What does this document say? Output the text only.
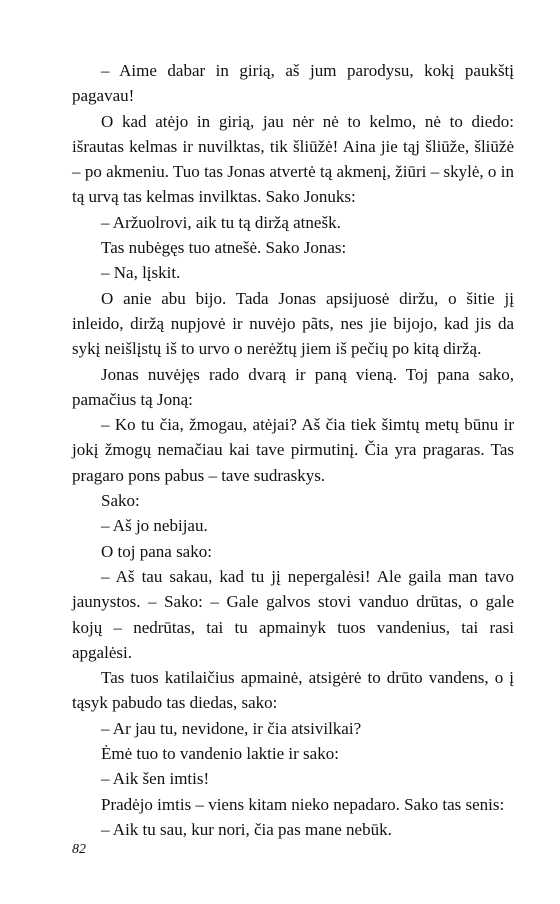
– Aime dabar in girią, aš jum parodysu, kokį paukštį pagavau!

O kad atėjo in girią, jau nėr nė to kelmo, nė to diedo: išrautas kelmas ir nuvilktas, tik šliūžė! Aina jie tąj šliūže, šliūžė – po akmeniu. Tuo tas Jonas atvertė tą akmenį, žiūri – skylė, o in tą urvą tas kelmas invilktas. Sako Jonuks:

– Aržuolrovi, aik tu tą diržą atnešk.

Tas nubėgęs tuo atnešė. Sako Jonas:

– Na, lįskit.

O anie abu bijo. Tada Jonas apsijuosė diržu, o šitie jį inleido, diržą nupjovė ir nuvėjo pãts, nes jie bijojo, kad jis da sykį neišlįstų iš to urvo o nerėžtų jiem iš pečių po kitą diržą.

Jonas nuvėjęs rado dvarą ir paną vieną. Toj pana sako, pamačius tą Joną:

– Ko tu čia, žmogau, atėjai? Aš čia tiek šimtų metų būnu ir jokį žmogų nemačiau kai tave pirmutinį. Čia yra pragaras. Tas pragaro pons pabus – tave sudraskys.

Sako:

– Aš jo nebijau.

O toj pana sako:

– Aš tau sakau, kad tu jį nepergalėsi! Ale gaila man tavo jaunystos. – Sako: – Gale galvos stovi vanduo drūtas, o gale kojų – nedrūtas, tai tu apmainyk tuos vandenius, tai rasi apgalėsi.

Tas tuos katilaičius apmainė, atsigėrė to drūto vandens, o į tąsyk pabudo tas diedas, sako:

– Ar jau tu, nevidone, ir čia atsivilkai?

Ėmė tuo to vandenio laktie ir sako:

– Aik šen imtis!

Pradėjo imtis – viens kitam nieko nepadaro. Sako tas senis:

– Aik tu sau, kur nori, čia pas mane nebūk.

82
